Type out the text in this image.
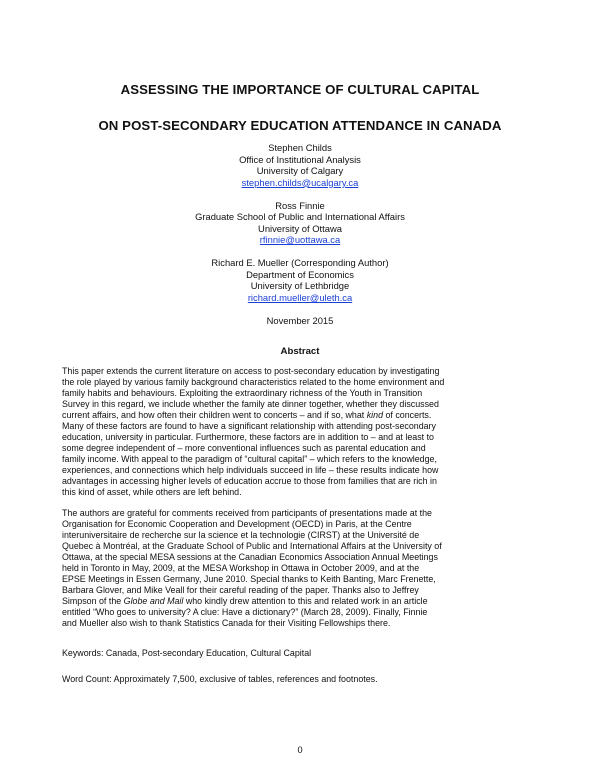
ASSESSING THE IMPORTANCE OF CULTURAL CAPITAL
ON POST-SECONDARY EDUCATION ATTENDANCE IN CANADA
Stephen Childs
Office of Institutional Analysis
University of Calgary
stephen.childs@ucalgary.ca
Ross Finnie
Graduate School of Public and International Affairs
University of Ottawa
rfinnie@uottawa.ca
Richard E. Mueller (Corresponding Author)
Department of Economics
University of Lethbridge
richard.mueller@uleth.ca
November 2015
Abstract
This paper extends the current literature on access to post-secondary education by investigating
the role played by various family background characteristics related to the home environment and
family habits and behaviours. Exploiting the extraordinary richness of the Youth in Transition
Survey in this regard, we include whether the family ate dinner together, whether they discussed
current affairs, and how often their children went to concerts – and if so, what kind of concerts.
Many of these factors are found to have a significant relationship with attending post-secondary
education, university in particular. Furthermore, these factors are in addition to – and at least to
some degree independent of – more conventional influences such as parental education and
family income. With appeal to the paradigm of “cultural capital” – which refers to the knowledge,
experiences, and connections which help individuals succeed in life – these results indicate how
advantages in accessing higher levels of education accrue to those from families that are rich in
this kind of asset, while others are left behind.
The authors are grateful for comments received from participants of presentations made at the
Organisation for Economic Cooperation and Development (OECD) in Paris, at the Centre
interuniversitaire de recherche sur la science et la technologie (CIRST) at the Université de
Quebec à Montréal, at the Graduate School of Public and International Affairs at the University of
Ottawa, at the special MESA sessions at the Canadian Economics Association Annual Meetings
held in Toronto in May, 2009, at the MESA Workshop in Ottawa in October 2009, and at the
EPSE Meetings in Essen Germany, June 2010. Special thanks to Keith Banting, Marc Frenette,
Barbara Glover, and Mike Veall for their careful reading of the paper. Thanks also to Jeffrey
Simpson of the Globe and Mail who kindly drew attention to this and related work in an article
entitled “Who goes to university? A clue: Have a dictionary?” (March 28, 2009). Finally, Finnie
and Mueller also wish to thank Statistics Canada for their Visiting Fellowships there.
Keywords: Canada, Post-secondary Education, Cultural Capital
Word Count: Approximately 7,500, exclusive of tables, references and footnotes.
0
